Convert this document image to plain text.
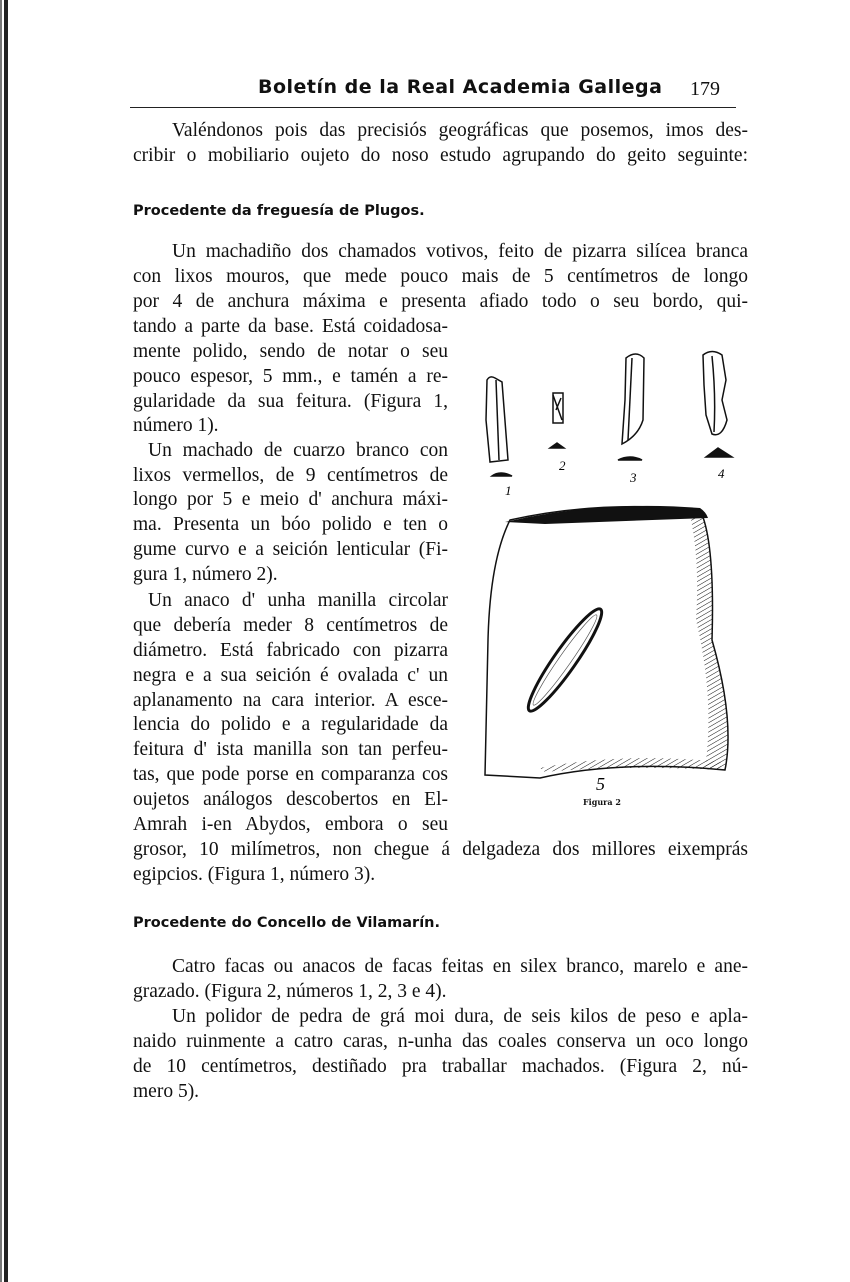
Boletín de la Real Academia Gallega 179
Valéndonos pois das precisiós geográficas que posemos, imos des-
cribir o mobiliario oujeto do noso estudo agrupando do geito seguinte:
Procedente da freguesía de Plugos.
Un machadiño dos chamados votivos, feito de pizarra silícea branca
con lixos mouros, que mede pouco mais de 5 centímetros de longo
por 4 de anchura máxima e presenta afiado todo o seu bordo, qui-
tando a parte da base. Está coidadosa-
mente polido, sendo de notar o seu
pouco espesor, 5 mm., e tamén a re-
gularidade da sua feitura. (Figura 1,
número 1).
Un machado de cuarzo branco con
lixos vermellos, de 9 centímetros de
longo por 5 e meio d' anchura máxi-
ma. Presenta un bóo polido e ten o
gume curvo e a seición lenticular (Fi-
gura 1, número 2).
Un anaco d' unha manilla circolar
que debería meder 8 centímetros de
diámetro. Está fabricado con pizarra
negra e a sua seición é ovalada c' un
aplanamento na cara interior. A esce-
lencia do polido e a regularidade da
feitura d' ista manilla son tan perfeu-
tas, que pode porse en comparanza cos
oujetos análogos descobertos en El-
Amrah i-en Abydos, embora o seu
grosor, 10 milímetros, non chegue á delgadeza dos millores eixemprás
egipcios. (Figura 1, número 3).
Procedente do Concello de Vilamarín.
Catro facas ou anacos de facas feitas en silex branco, marelo e ane-
grazado. (Figura 2, números 1, 2, 3 e 4).
Un polidor de pedra de grá moi dura, de seis kilos de peso e apla-
naido ruinmente a catro caras, n-unha das coales conserva un oco longo
de 10 centímetros, destiñado pra traballar machados. (Figura 2, nú-
mero 5).
1
2
3	4
5
Figura 2
